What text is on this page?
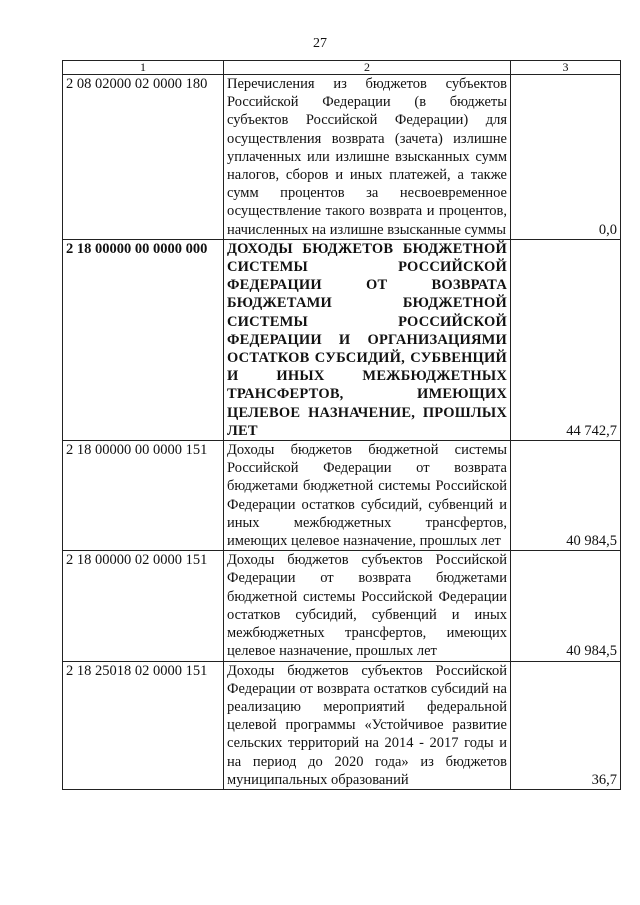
27
1	2	3
2 08 02000 02 0000 180	Перечисления из бюджетов субъектов Российской Федерации (в бюджеты субъектов Российской Федерации) для осуществления возврата (зачета) излишне уплаченных или излишне взысканных сумм налогов, сборов и иных платежей, а также сумм процентов за несвоевременное осуществление такого возврата и процентов, начисленных на излишне взысканные суммы	0,0
2 18 00000 00 0000 000	ДОХОДЫ БЮДЖЕТОВ БЮДЖЕТНОЙ СИСТЕМЫ РОССИЙСКОЙ ФЕДЕРАЦИИ ОТ ВОЗВРАТА БЮДЖЕТАМИ БЮДЖЕТНОЙ СИСТЕМЫ РОССИЙСКОЙ ФЕДЕРАЦИИ И ОРГАНИЗАЦИЯМИ ОСТАТКОВ СУБСИДИЙ, СУБВЕНЦИЙ И ИНЫХ МЕЖБЮДЖЕТНЫХ ТРАНСФЕРТОВ, ИМЕЮЩИХ ЦЕЛЕВОЕ НАЗНАЧЕНИЕ, ПРОШЛЫХ ЛЕТ	44 742,7
2 18 00000 00 0000 151	Доходы бюджетов бюджетной системы Российской Федерации от возврата бюджетами бюджетной системы Российской Федерации остатков субсидий, субвенций и иных межбюджетных трансфертов, имеющих целевое назначение, прошлых лет	40 984,5
2 18 00000 02 0000 151	Доходы бюджетов субъектов Российской Федерации от возврата бюджетами бюджетной системы Российской Федерации остатков субсидий, субвенций и иных межбюджетных трансфертов, имеющих целевое назначение, прошлых лет	40 984,5
2 18 25018 02 0000 151	Доходы бюджетов субъектов Российской Федерации от возврата остатков субсидий на реализацию мероприятий федеральной целевой программы «Устойчивое развитие сельских территорий на 2014 - 2017 годы и на период до 2020 года» из бюджетов муниципальных образований	36,7
